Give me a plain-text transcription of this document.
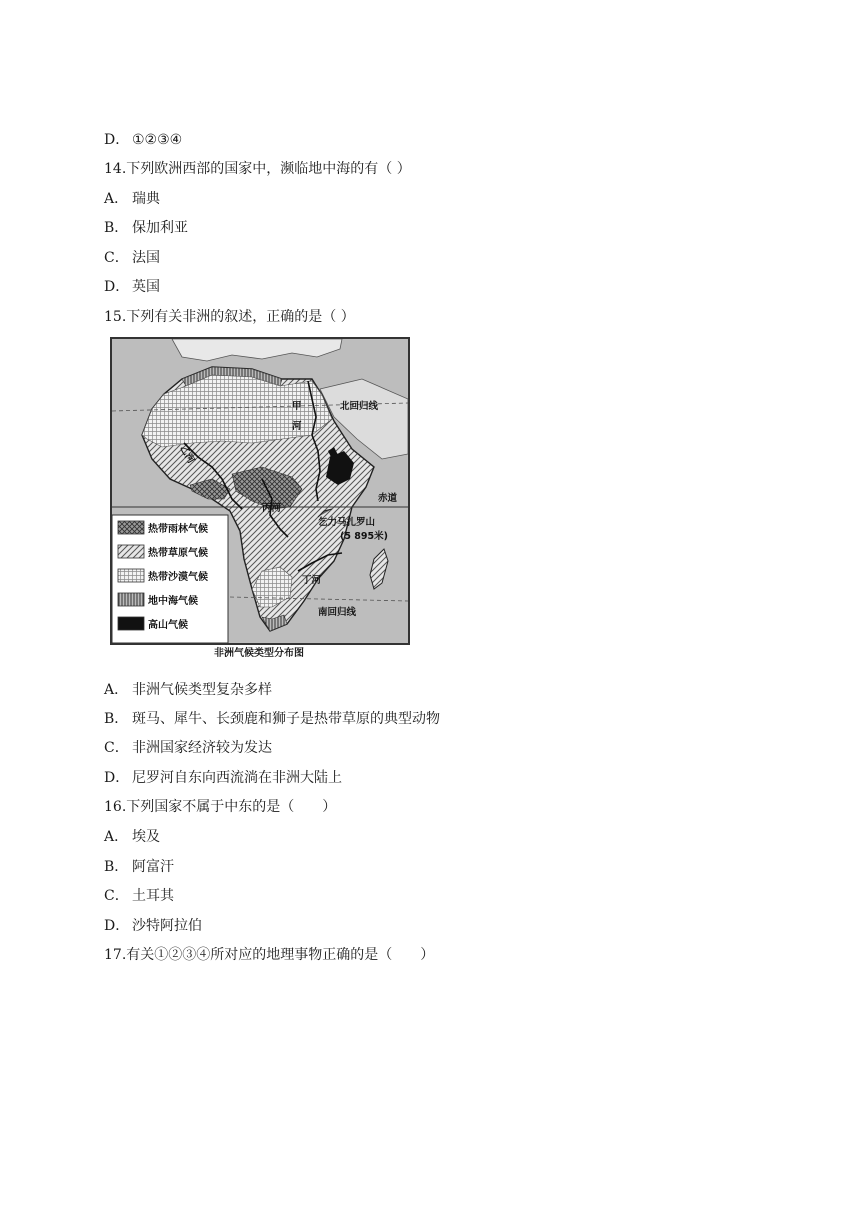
D． ①②③④
14.下列欧洲西部的国家中，濒临地中海的有（ ）
A． 瑞典
B． 保加利亚
C． 法国
D． 英国
15.下列有关非洲的叙述，正确的是（ ）
甲
河
北回归线
赤道
乙河
丙河
乞力马扎罗山
(5 895米)
丁河
南回归线
热带雨林气候
热带草原气候
热带沙漠气候
地中海气候
高山气候
非洲气候类型分布图
A． 非洲气候类型复杂多样
B． 斑马、犀牛、长颈鹿和狮子是热带草原的典型动物
C． 非洲国家经济较为发达
D． 尼罗河自东向西流淌在非洲大陆上
16.下列国家不属于中东的是（　　）
A． 埃及
B． 阿富汗
C． 土耳其
D． 沙特阿拉伯
17.有关①②③④所对应的地理事物正确的是（　　）
